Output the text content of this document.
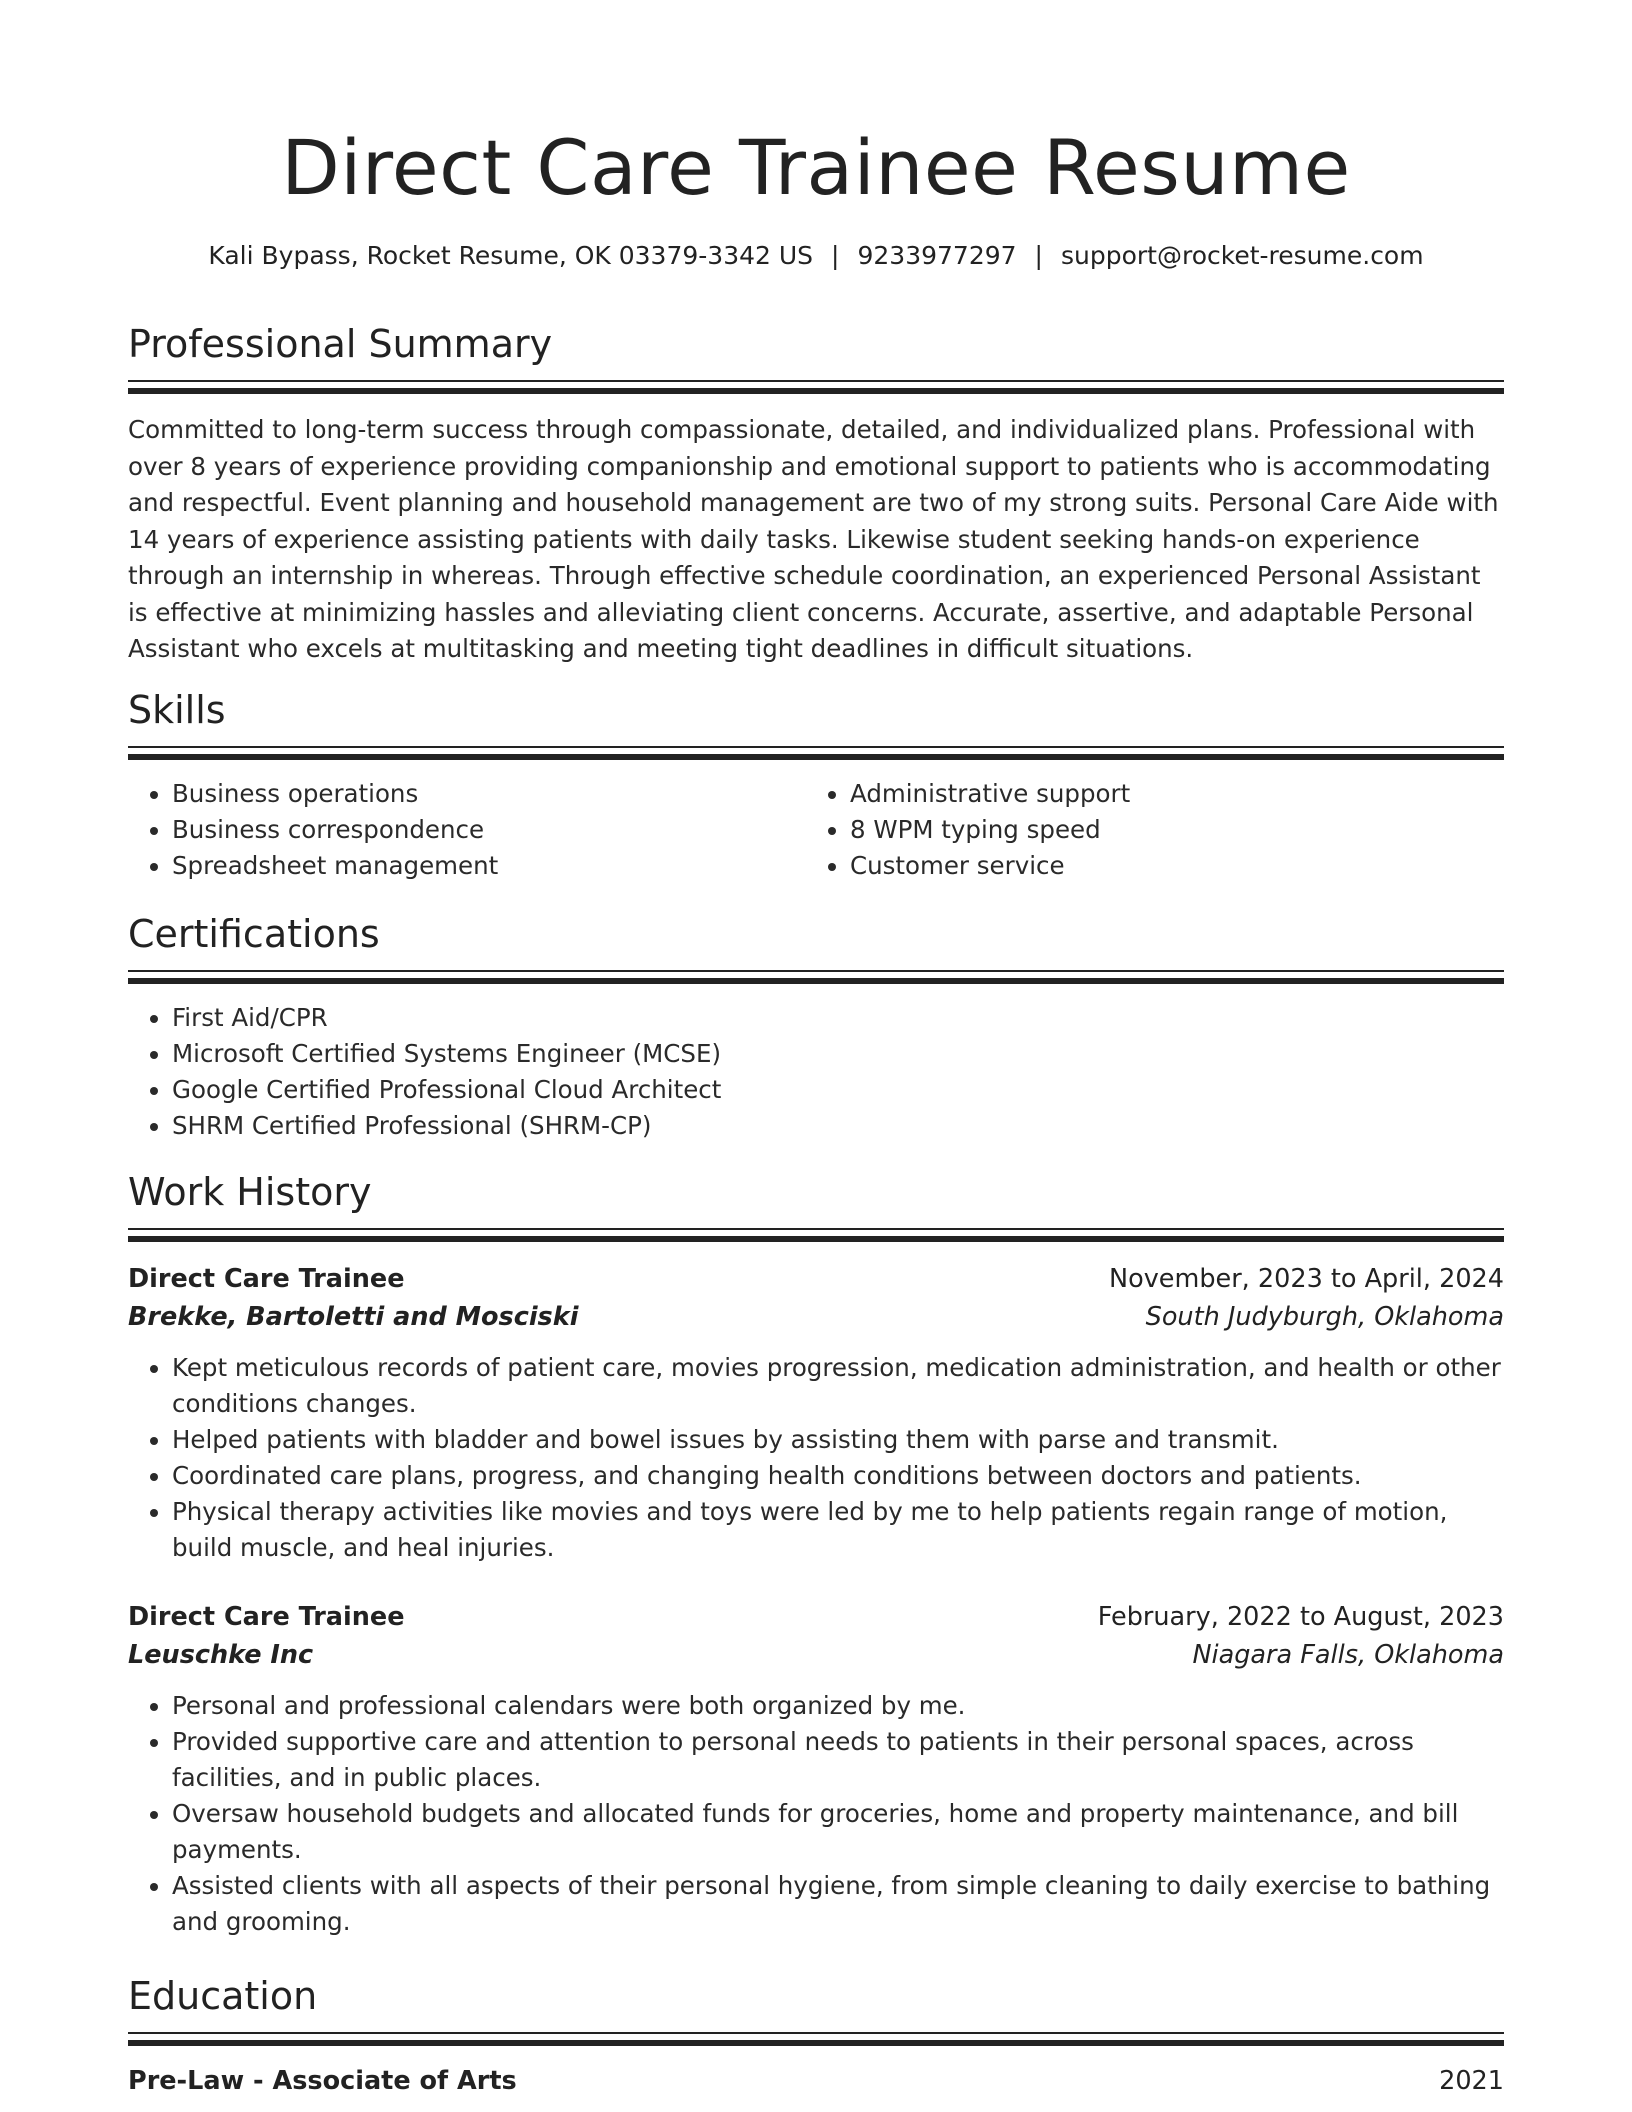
Direct Care Trainee Resume
Kali Bypass, Rocket Resume, OK 03379-3342 US | 9233977297 | support@rocket-resume.com
Professional Summary

Committed to long-term success through compassionate, detailed, and individualized plans. Professional with over 8 years of experience providing companionship and emotional support to patients who is accommodating and respectful. Event planning and household management are two of my strong suits. Personal Care Aide with 14 years of experience assisting patients with daily tasks. Likewise student seeking hands-on experience through an internship in whereas. Through effective schedule coordination, an experienced Personal Assistant is effective at minimizing hassles and alleviating client concerns. Accurate, assertive, and adaptable Personal Assistant who excels at multitasking and meeting tight deadlines in difficult situations.

Skills
• Business operations
• Business correspondence
• Spreadsheet management
• Administrative support
• 8 WPM typing speed
• Customer service
Certifications
• First Aid/CPR
• Microsoft Certified Systems Engineer (MCSE)
• Google Certified Professional Cloud Architect
• SHRM Certified Professional (SHRM-CP)
Work History
Direct Care Trainee	November, 2023 to April, 2024
Brekke, Bartoletti and Mosciski	South Judyburgh, Oklahoma
• Kept meticulous records of patient care, movies progression, medication administration, and health or other conditions changes.
• Helped patients with bladder and bowel issues by assisting them with parse and transmit.
• Coordinated care plans, progress, and changing health conditions between doctors and patients.
• Physical therapy activities like movies and toys were led by me to help patients regain range of motion, build muscle, and heal injuries.
Direct Care Trainee	February, 2022 to August, 2023
Leuschke Inc	Niagara Falls, Oklahoma
• Personal and professional calendars were both organized by me.
• Provided supportive care and attention to personal needs to patients in their personal spaces, across facilities, and in public places.
• Oversaw household budgets and allocated funds for groceries, home and property maintenance, and bill payments.
• Assisted clients with all aspects of their personal hygiene, from simple cleaning to daily exercise to bathing and grooming.
Education
Pre-Law - Associate of Arts	2021
